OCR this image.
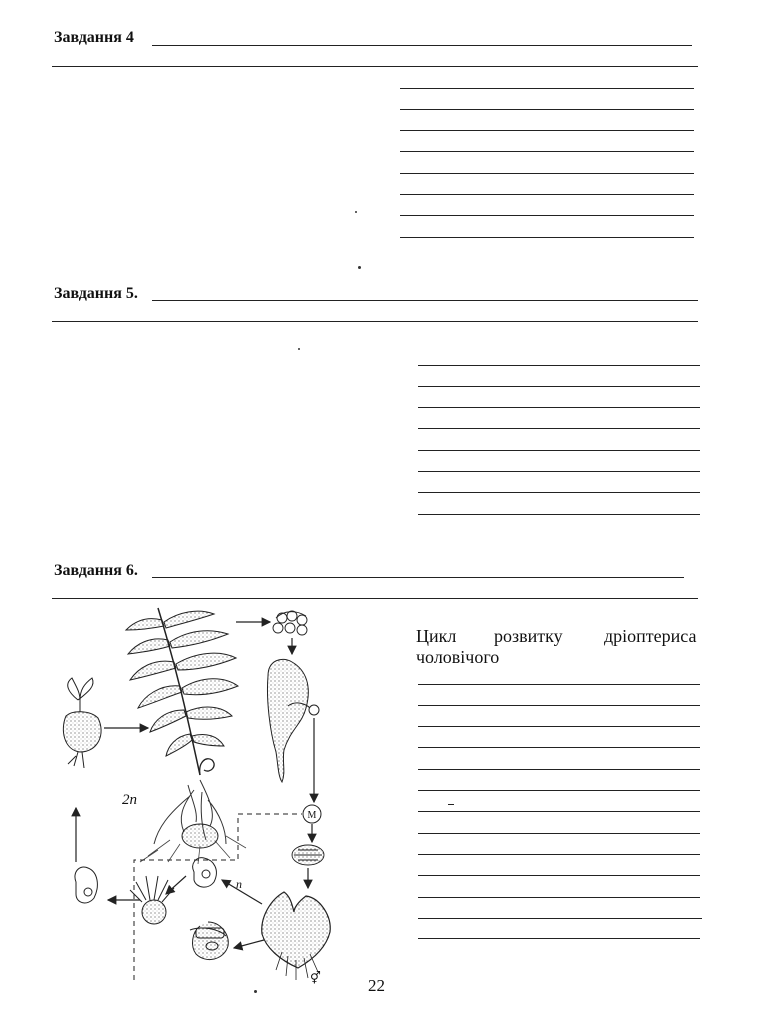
Завдання 4
Завдання 5.
Завдання 6.
Цикл розвитку дріоптериса
чоловічого
2n
n
М
⚥	22
